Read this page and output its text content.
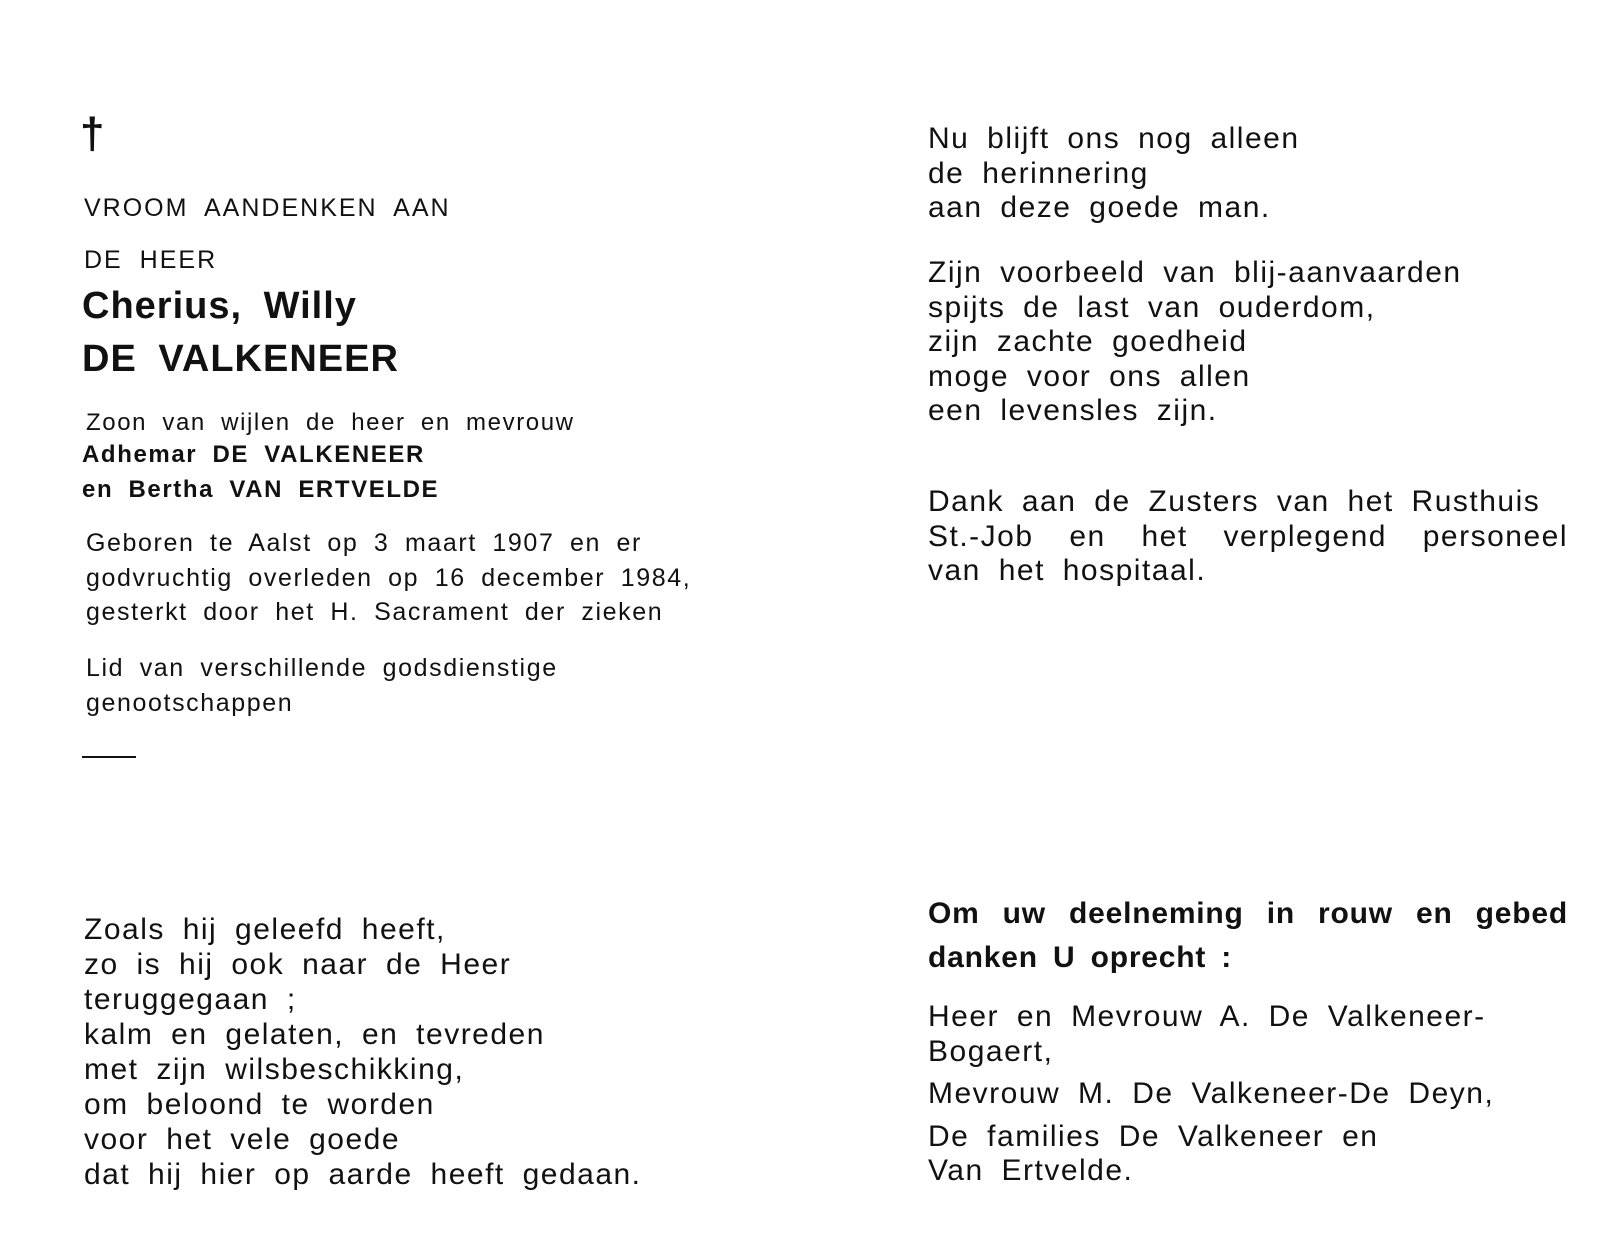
†
VROOM AANDENKEN AAN
DE HEER
Cherius, Willy
DE VALKENEER
Zoon van wijlen de heer en mevrouw
Adhemar DE VALKENEER
en Bertha VAN ERTVELDE
Geboren te Aalst op 3 maart 1907 en er
godvruchtig overleden op 16 december 1984,
gesterkt door het H. Sacrament der zieken
Lid van verschillende godsdienstige
genootschappen
Zoals hij geleefd heeft,
zo is hij ook naar de Heer
teruggegaan ;
kalm en gelaten, en tevreden
met zijn wilsbeschikking,
om beloond te worden
voor het vele goede
dat hij hier op aarde heeft gedaan.
Nu blijft ons nog alleen
de herinnering
aan deze goede man.
Zijn voorbeeld van blij-aanvaarden
spijts de last van ouderdom,
zijn zachte goedheid
moge voor ons allen
een levensles zijn.
Dank aan de Zusters van het Rusthuis
St.-Job en het verplegend personeel
van het hospitaal.
Om uw deelneming in rouw en gebed
danken U oprecht :
Heer en Mevrouw A. De Valkeneer-
Bogaert,
Mevrouw M. De Valkeneer-De Deyn,
De families De Valkeneer en
Van Ertvelde.
